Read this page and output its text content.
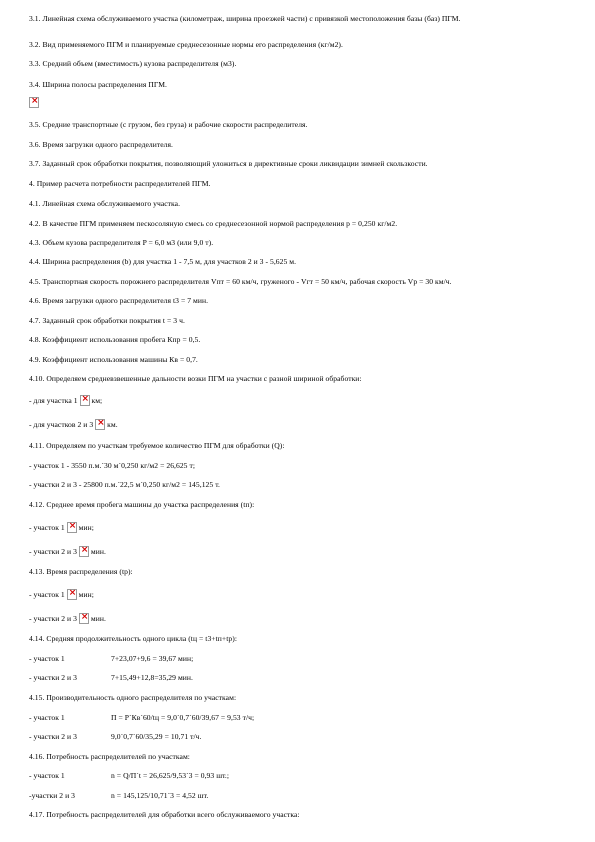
3.1. Линейная схема обслуживаемого участка (километраж, ширина проезжей части) с привязкой местоположения базы (баз) ПГМ.
3.2. Вид применяемого ПГМ и планируемые среднесезонные нормы его распределения (кг/м2).
3.3. Средний объем (вместимость) кузова распределителя (м3).
3.4. Ширина полосы распределения ПГМ.
×
3.5. Средние транспортные (с грузом, без груза) и рабочие скорости распределителя.
3.6. Время загрузки одного распределителя.
3.7. Заданный срок обработки покрытия, позволяющий уложиться в директивные сроки ликвидации зимней скользкости.
4. Пример расчета потребности распределителей ПГМ.
4.1. Линейная схема обслуживаемого участка.
4.2. В качестве ПГМ применяем пескосоляную смесь со среднесезонной нормой распределения p = 0,250 кг/м2.
4.3. Объем кузова распределителя P = 6,0 м3 (или 9,0 т).
4.4. Ширина распределения (b) для участка 1 - 7,5 м, для участков 2 и 3 - 5,625 м.
4.5. Транспортная скорость порожнего распределителя Vпт = 60 км/ч, груженого - Vгт = 50 км/ч, рабочая скорость Vр = 30 км/ч.
4.6. Время загрузки одного распределителя t3 = 7 мин.
4.7. Заданный срок обработки покрытия t = 3 ч.
4.8. Коэффициент использования пробега Кпр = 0,5.
4.9. Коэффициент использования машины Кв = 0,7.
4.10. Определяем средневзвешенные дальности возки ПГМ на участки с разной шириной обработки:
- для участка 1 × км;
- для участков 2 и 3 × км.
4.11. Определяем по участкам требуемое количество ПГМ для обработки (Q):
- участок 1 - 3550 п.м.´30 м´0,250 кг/м2 = 26,625 т;
- участки 2 и 3 - 25800 п.м.´22,5 м´0,250 кг/м2 = 145,125 т.
4.12. Среднее время пробега машины до участка распределения (tп):
- участок 1 × мин;
- участки 2 и 3 × мин.
4.13. Время распределения (tр):
- участок 1 × мин;
- участки 2 и 3 × мин.
4.14. Средняя продолжительность одного цикла (tц = t3+tп+tр):
- участок 1	7+23,07+9,6 = 39,67 мин;
- участки 2 и 3	7+15,49+12,8=35,29 мин.
4.15. Производительность одного распределителя по участкам:
- участок 1	П = P´Кв´60/tц = 9,0´0,7´60/39,67 = 9,53 т/ч;
- участки 2 и 3	9,0´0,7´60/35,29 = 10,71 т/ч.
4.16. Потребность распределителей по участкам:
- участок 1	n = Q/П´t = 26,625/9,53´3 = 0,93 шт.;
-участки 2 и 3	n = 145,125/10,71´3 = 4,52 шт.
4.17. Потребность распределителей для обработки всего обслуживаемого участка:
